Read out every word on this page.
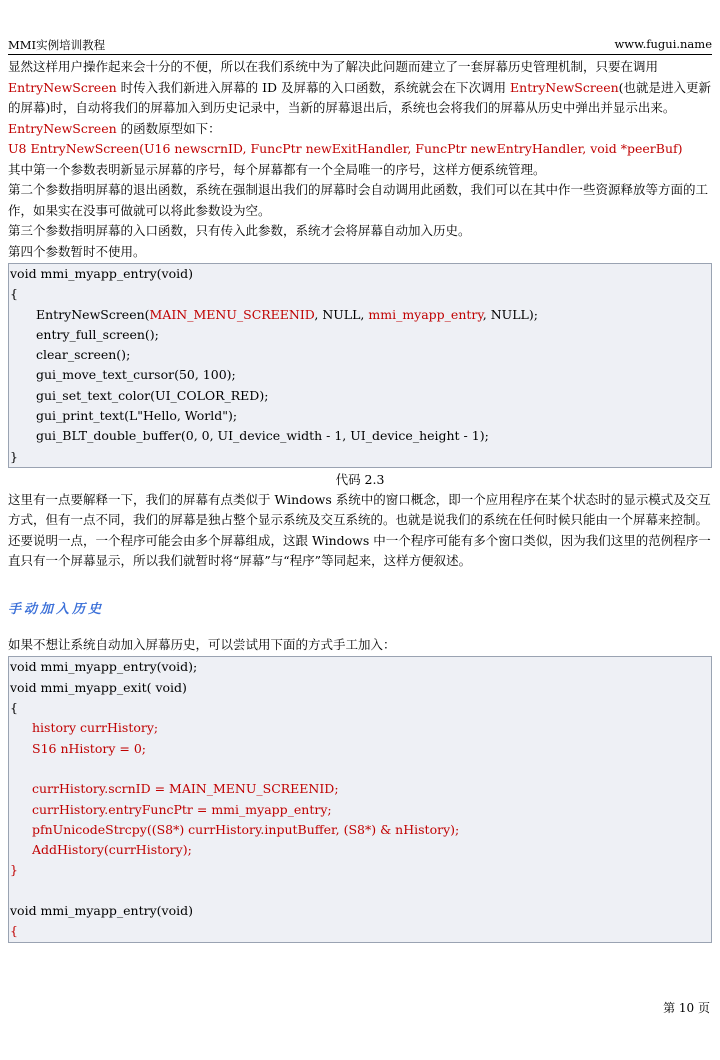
MMI实例培训教程	www.fugui.name

显然这样用户操作起来会十分的不便，所以在我们系统中为了解决此问题而建立了一套屏幕历史管理机制，只要在调用 EntryNewScreen 时传入我们新进入屏幕的 ID 及屏幕的入口函数，系统就会在下次调用 EntryNewScreen(也就是进入更新的屏幕)时，自动将我们的屏幕加入到历史记录中，当新的屏幕退出后，系统也会将我们的屏幕从历史中弹出并显示出来。

EntryNewScreen 的函数原型如下：

U8 EntryNewScreen(U16 newscrnID, FuncPtr newExitHandler, FuncPtr newEntryHandler, void *peerBuf)

其中第一个参数表明新显示屏幕的序号，每个屏幕都有一个全局唯一的序号，这样方便系统管理。

第二个参数指明屏幕的退出函数，系统在强制退出我们的屏幕时会自动调用此函数，我们可以在其中作一些资源释放等方面的工作，如果实在没事可做就可以将此参数设为空。

第三个参数指明屏幕的入口函数，只有传入此参数，系统才会将屏幕自动加入历史。

第四个参数暂时不使用。

void mmi_myapp_entry(void)
{
EntryNewScreen(MAIN_MENU_SCREENID, NULL, mmi_myapp_entry, NULL);
entry_full_screen();
clear_screen();
gui_move_text_cursor(50, 100);
gui_set_text_color(UI_COLOR_RED);
gui_print_text(L"Hello, World");
gui_BLT_double_buffer(0, 0, UI_device_width - 1, UI_device_height - 1);
}
代码 2.3

这里有一点要解释一下，我们的屏幕有点类似于 Windows 系统中的窗口概念，即一个应用程序在某个状态时的显示模式及交互方式，但有一点不同，我们的屏幕是独占整个显示系统及交互系统的。也就是说我们的系统在任何时候只能由一个屏幕来控制。

还要说明一点，一个程序可能会由多个屏幕组成，这跟 Windows 中一个程序可能有多个窗口类似，因为我们这里的范例程序一直只有一个屏幕显示，所以我们就暂时将“屏幕”与“程序”等同起来，这样方便叙述。

手动加入历史

如果不想让系统自动加入屏幕历史，可以尝试用下面的方式手工加入：

void mmi_myapp_entry(void);
void mmi_myapp_exit( void)
{
history currHistory;
S16 nHistory = 0;

currHistory.scrnID = MAIN_MENU_SCREENID;
currHistory.entryFuncPtr = mmi_myapp_entry;
pfnUnicodeStrcpy((S8*) currHistory.inputBuffer, (S8*) & nHistory);
AddHistory(currHistory);
}

void mmi_myapp_entry(void)
{
第 10 页
